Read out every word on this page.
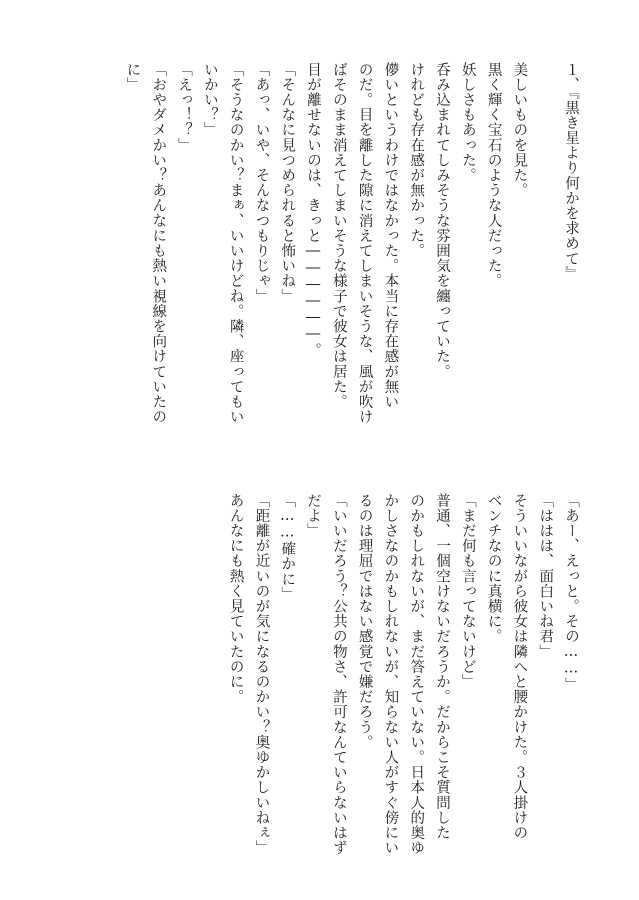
１、『黒き星より何かを求めて』
美しいものを見た。
黒く輝く宝石のような人だった。
妖しさもあった。
呑み込まれてしみそうな雰囲気を纏っていた。
けれども存在感が無かった。
儚いというわけではなかった。本当に存在感が無い
のだ。目を離した隙に消えてしまいそうな、風が吹け
ばそのまま消えてしまいそうな様子で彼女は居た。
目が離せないのは、きっと――――――。
「そんなに見つめられると怖いね」
「あっ、いや、そんなつもりじゃ」
「そうなのかい？まぁ、いいけどね。隣、座ってもい
いかい？」
「えっ！？」
「おやダメかい？あんなにも熱い視線を向けていたの
に」
「あー、えっと。その……」
「ははは、面白いね君」
そういいながら彼女は隣へと腰かけた。３人掛けの
ベンチなのに真横に。
「まだ何も言ってないけど」
普通、一個空けないだろうか。だからこそ質問した
のかもしれないが、まだ答えていない。日本人的奥ゆ
かしさなのかもしれないが、知らない人がすぐ傍にい
るのは理屈ではない感覚で嫌だろう。
「いいだろう？公共の物さ、許可なんていらないはず
だよ」
「……確かに」
「距離が近いのが気になるのかい？奥ゆかしいねぇ」
あんなにも熱く見ていたのに。
